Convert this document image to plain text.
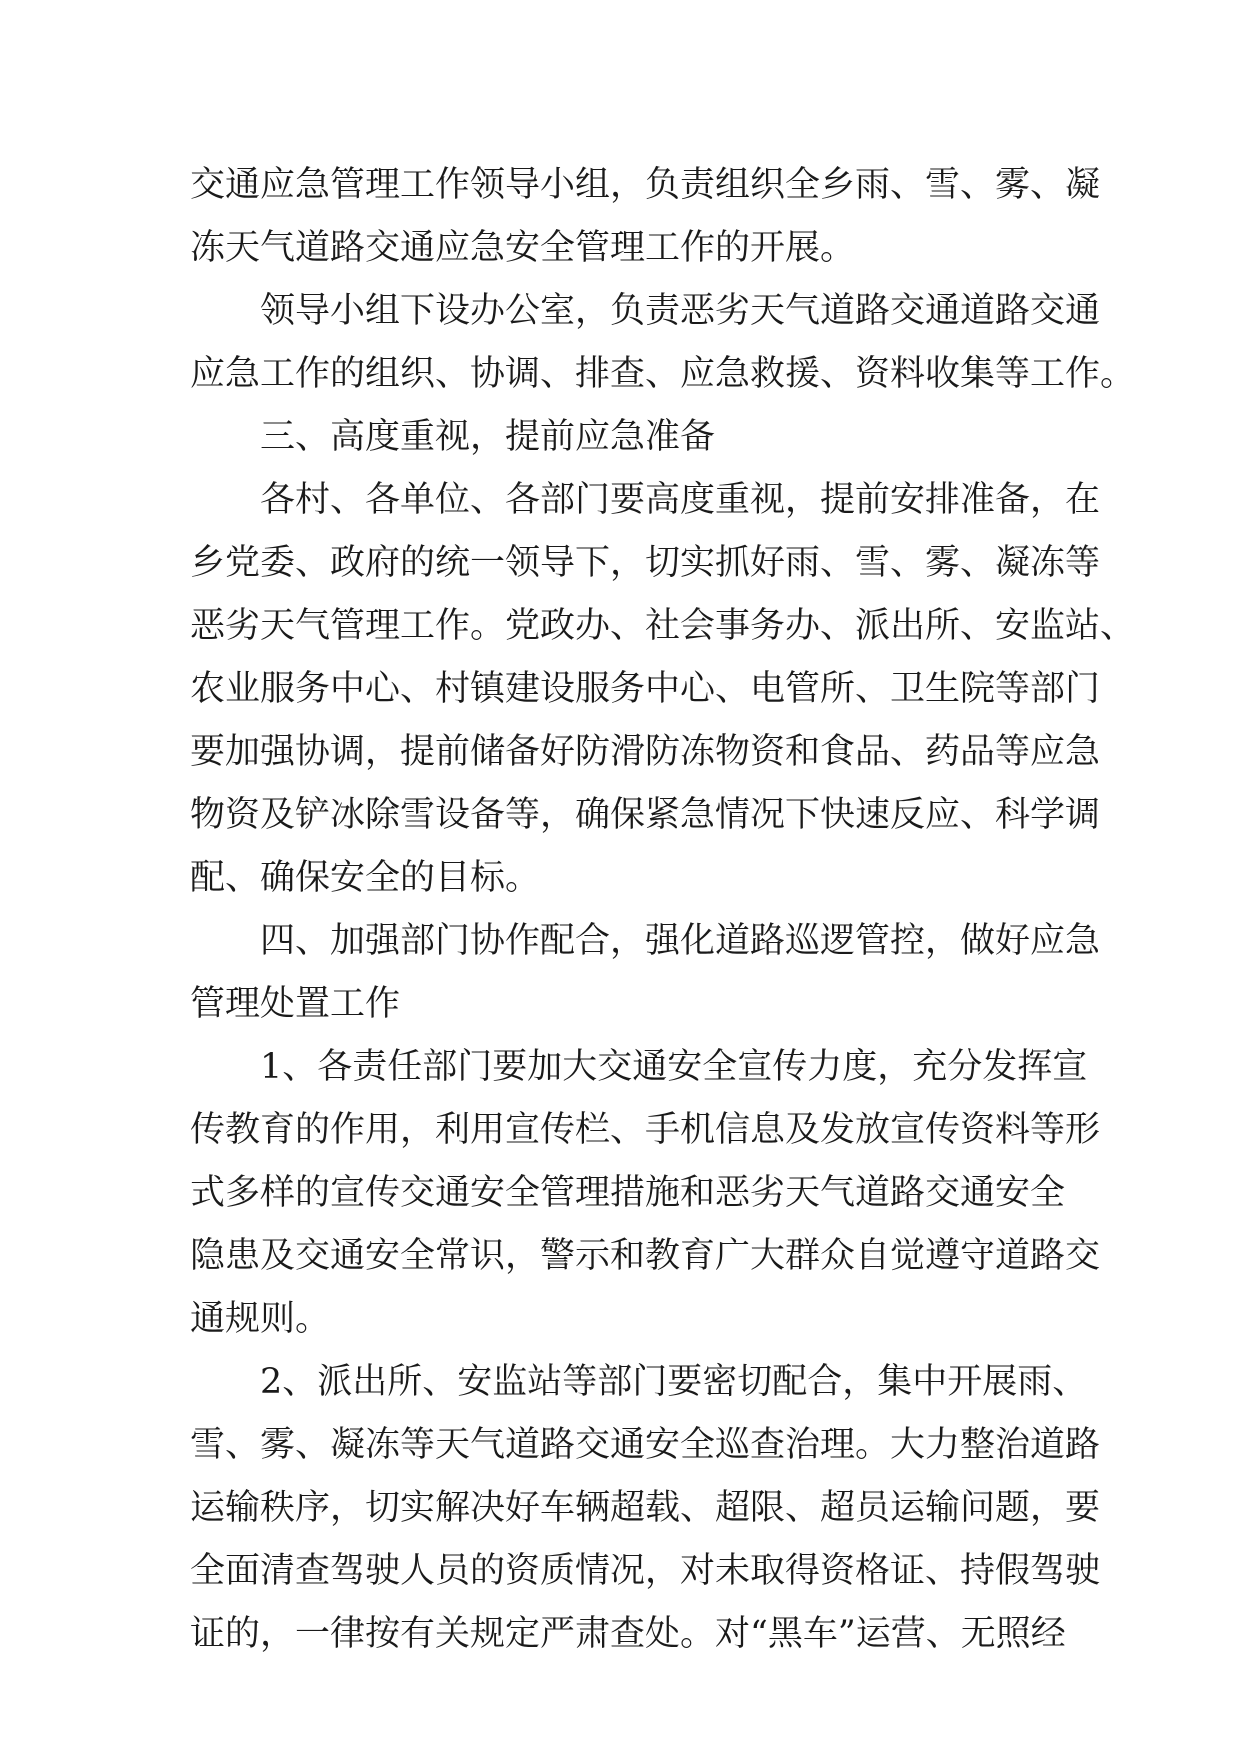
交通应急管理工作领导小组，负责组织全乡雨、雪、雾、凝
冻天气道路交通应急安全管理工作的开展。
领导小组下设办公室，负责恶劣天气道路交通道路交通
应急工作的组织、协调、排查、应急救援、资料收集等工作。
三、高度重视，提前应急准备
各村、各单位、各部门要高度重视，提前安排准备，在
乡党委、政府的统一领导下，切实抓好雨、雪、雾、凝冻等
恶劣天气管理工作。党政办、社会事务办、派出所、安监站、
农业服务中心、村镇建设服务中心、电管所、卫生院等部门
要加强协调，提前储备好防滑防冻物资和食品、药品等应急
物资及铲冰除雪设备等，确保紧急情况下快速反应、科学调
配、确保安全的目标。
四、加强部门协作配合，强化道路巡逻管控，做好应急
管理处置工作
1、各责任部门要加大交通安全宣传力度，充分发挥宣
传教育的作用，利用宣传栏、手机信息及发放宣传资料等形
式多样的宣传交通安全管理措施和恶劣天气道路交通安全
隐患及交通安全常识，警示和教育广大群众自觉遵守道路交
通规则。
2、派出所、安监站等部门要密切配合，集中开展雨、
雪、雾、凝冻等天气道路交通安全巡查治理。大力整治道路
运输秩序，切实解决好车辆超载、超限、超员运输问题，要
全面清查驾驶人员的资质情况，对未取得资格证、持假驾驶
证的，一律按有关规定严肃查处。对“黑车”运营、无照经
